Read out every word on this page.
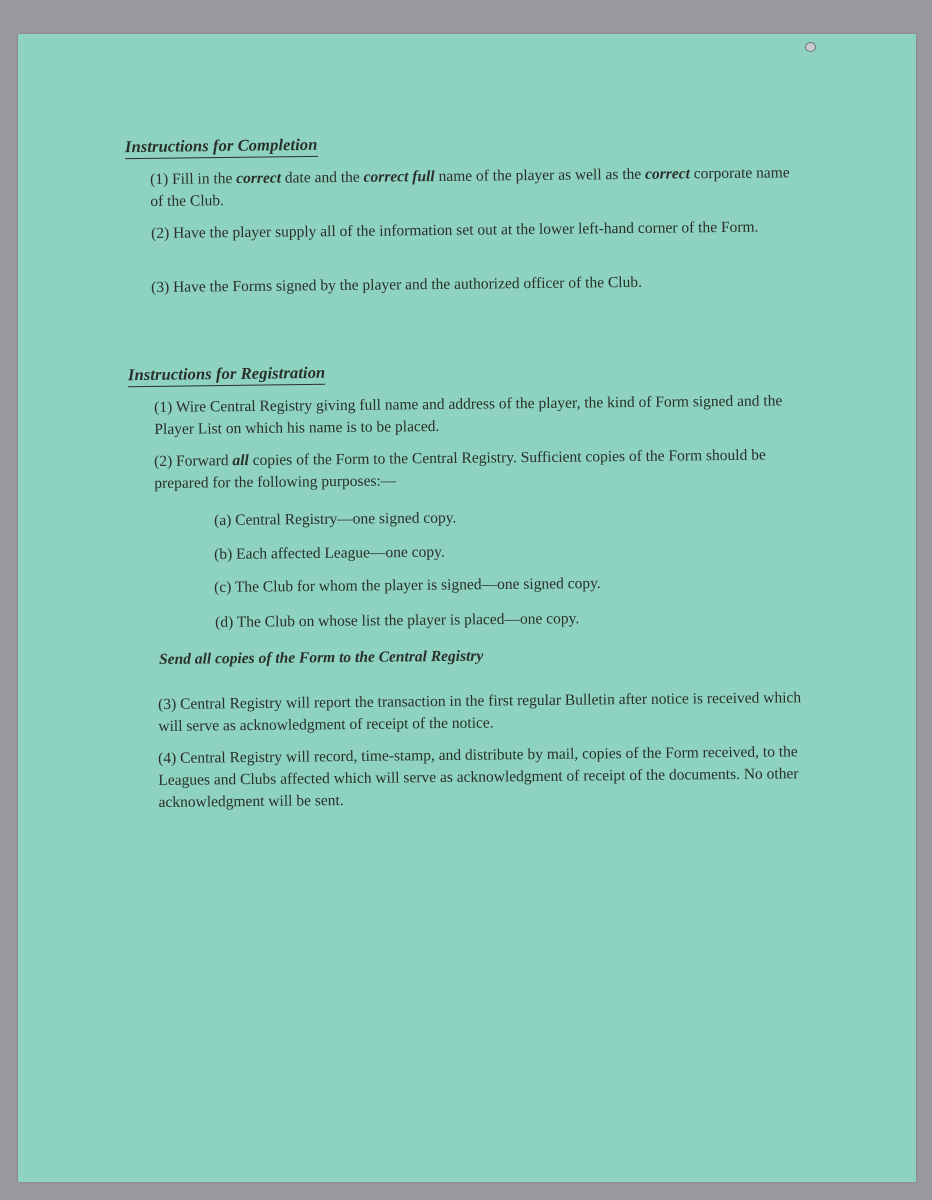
Instructions for Completion

(1) Fill in the correct date and the correct full name of the player as well as the correct corporate name of the Club.

(2) Have the player supply all of the information set out at the lower left-hand corner of the Form.

(3) Have the Forms signed by the player and the authorized officer of the Club.

Instructions for Registration

(1) Wire Central Registry giving full name and address of the player, the kind of Form signed and the Player List on which his name is to be placed.

(2) Forward all copies of the Form to the Central Registry. Sufficient copies of the Form should be prepared for the following purposes:—

(a) Central Registry—one signed copy.

(b) Each affected League—one copy.

(c) The Club for whom the player is signed—one signed copy.

(d) The Club on whose list the player is placed—one copy.

Send all copies of the Form to the Central Registry

(3) Central Registry will report the transaction in the first regular Bulletin after notice is received which will serve as acknowledgment of receipt of the notice.

(4) Central Registry will record, time-stamp, and distribute by mail, copies of the Form received, to the Leagues and Clubs affected which will serve as acknowledgment of receipt of the documents. No other acknowledgment will be sent.
